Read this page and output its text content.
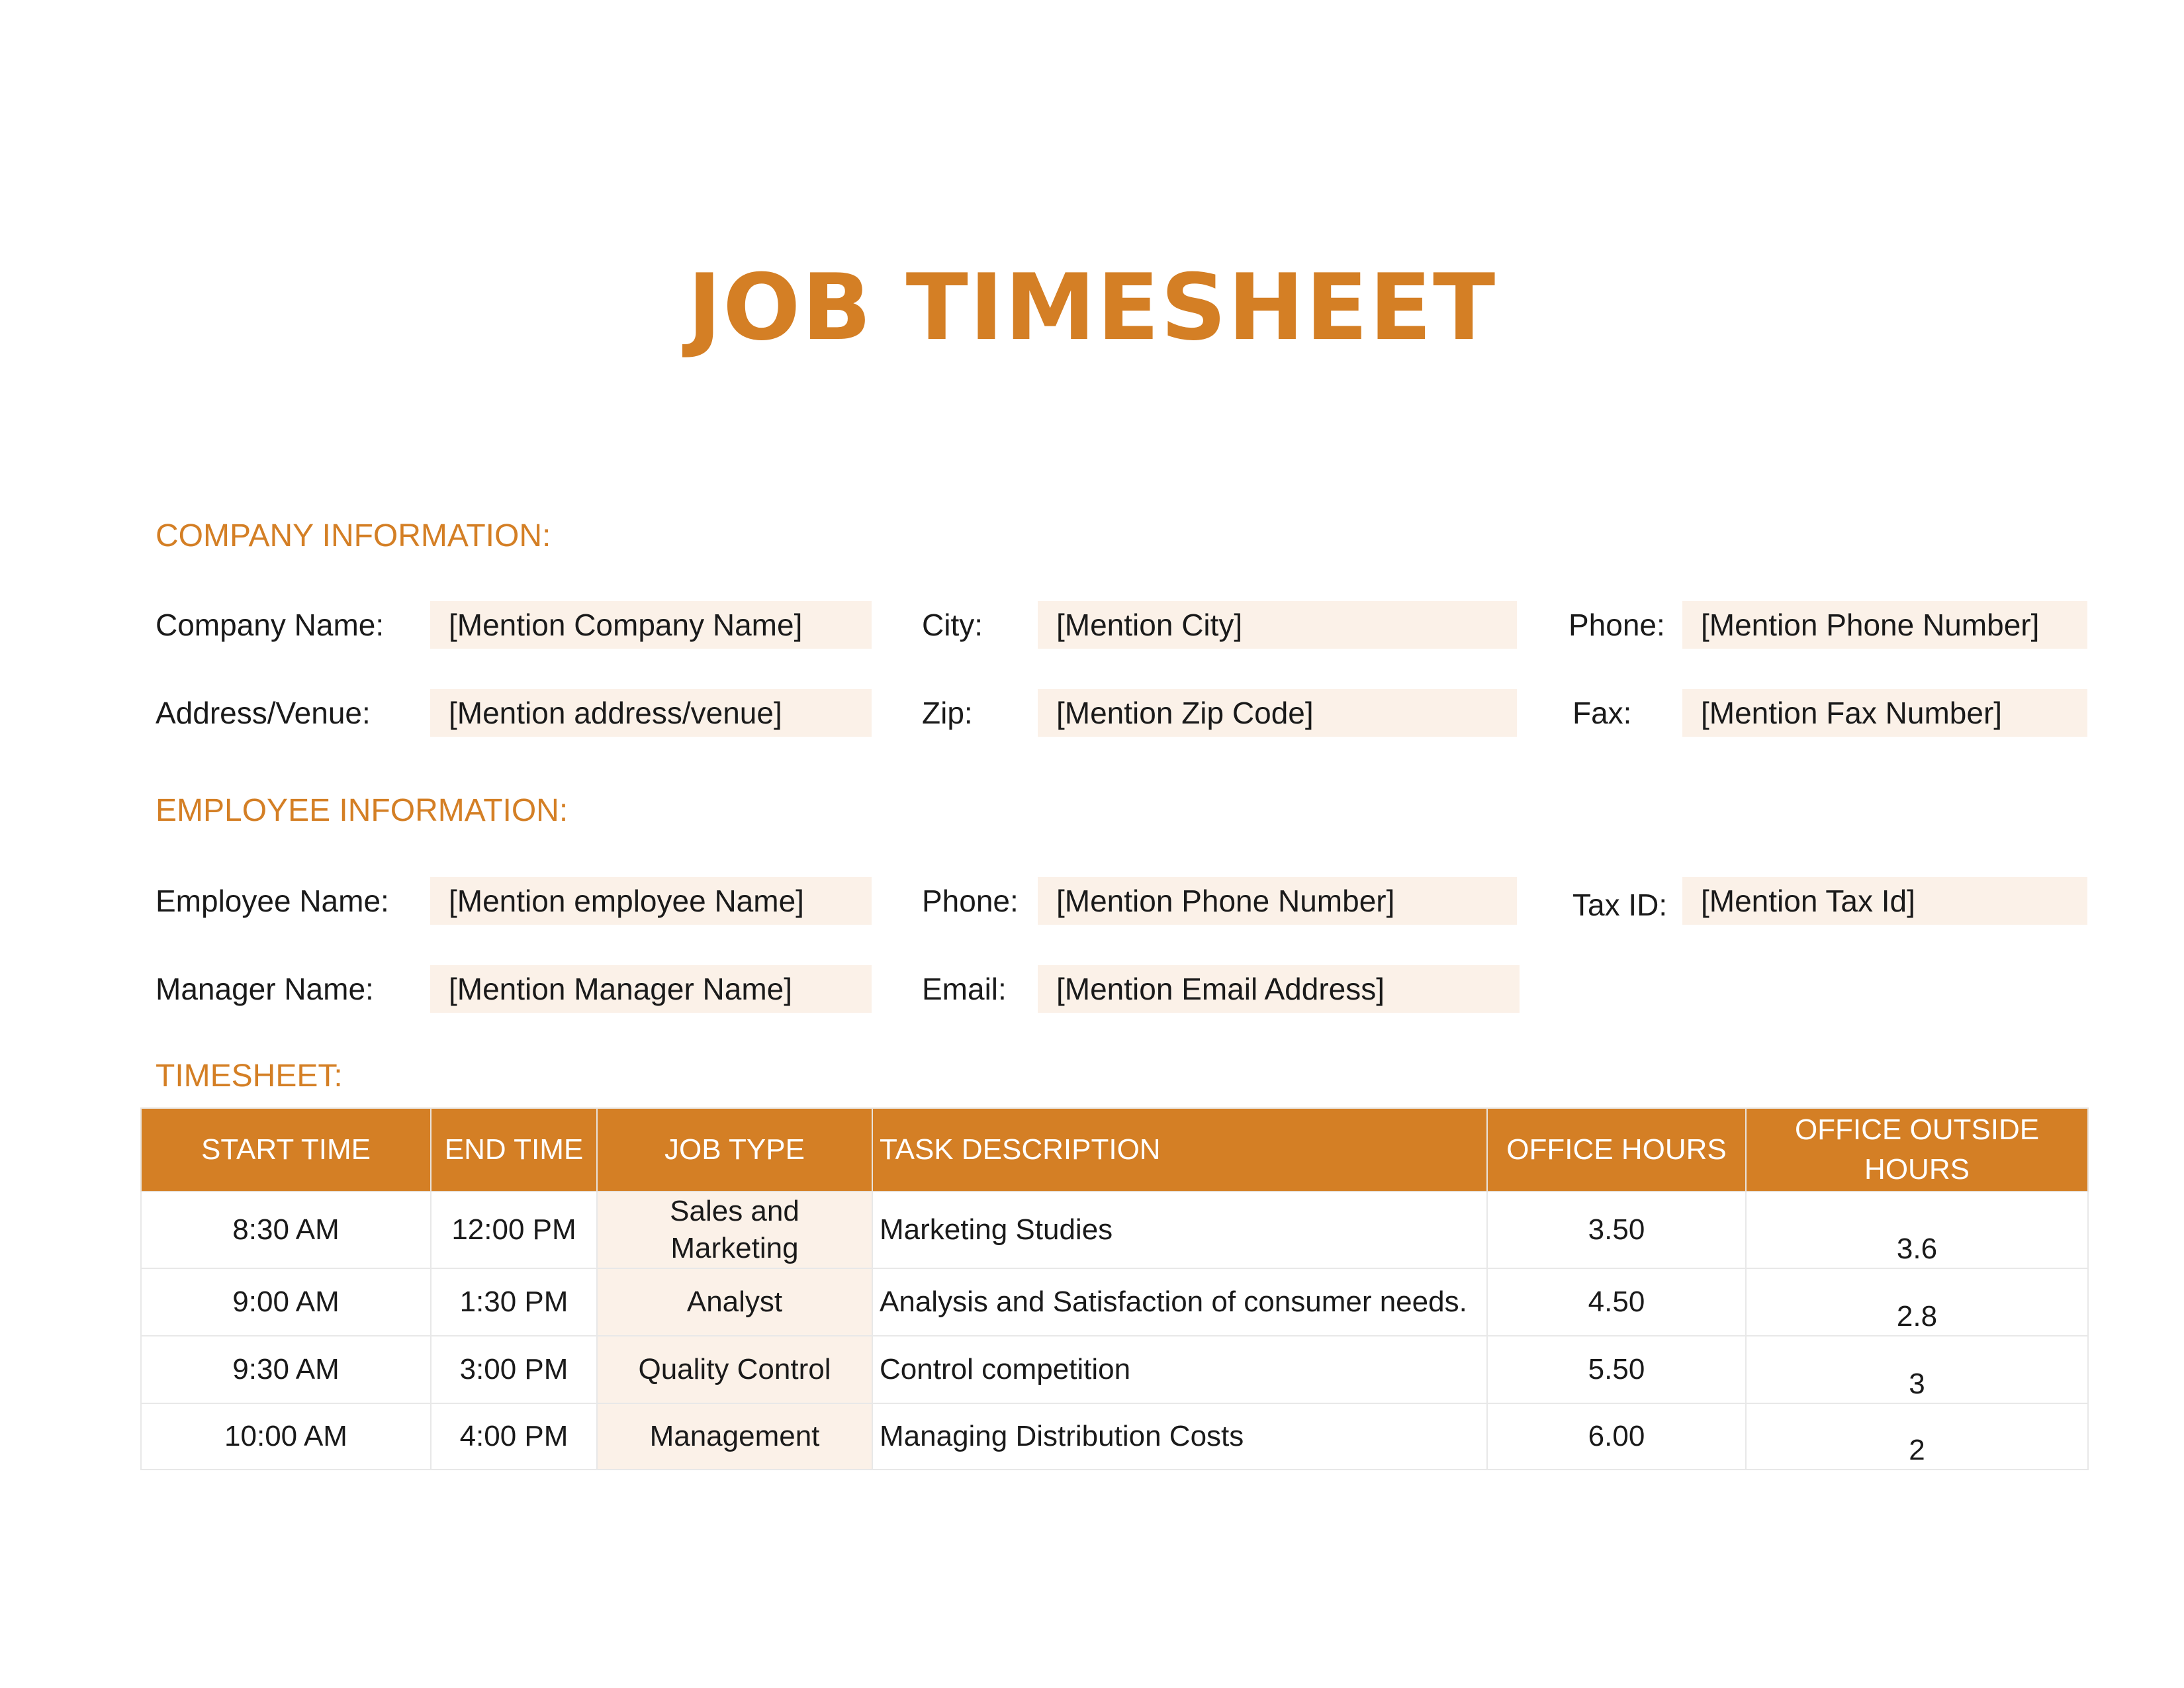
JOB TIMESHEET
COMPANY INFORMATION:
Company Name:	[Mention Company Name]	City:	[Mention City]	Phone:	[Mention Phone Number]
Address/Venue:	[Mention address/venue]	Zip:	[Mention Zip Code]	Fax:	[Mention Fax Number]
EMPLOYEE INFORMATION:
Employee Name:	[Mention employee Name]	Phone:	[Mention Phone Number]	Tax ID:	[Mention Tax Id]
Manager Name:	[Mention Manager Name]	Email:	[Mention Email Address]
TIMESHEET:
START TIME	END TIME	JOB TYPE	TASK DESCRIPTION	OFFICE HOURS	OFFICE OUTSIDE HOURS
8:30 AM	12:00 PM	Sales and Marketing	Marketing Studies	3.50	3.6
9:00 AM	1:30 PM	Analyst	Analysis and Satisfaction of consumer needs.	4.50	2.8
9:30 AM	3:00 PM	Quality Control	Control competition	5.50	3
10:00 AM	4:00 PM	Management	Managing Distribution Costs	6.00	2
